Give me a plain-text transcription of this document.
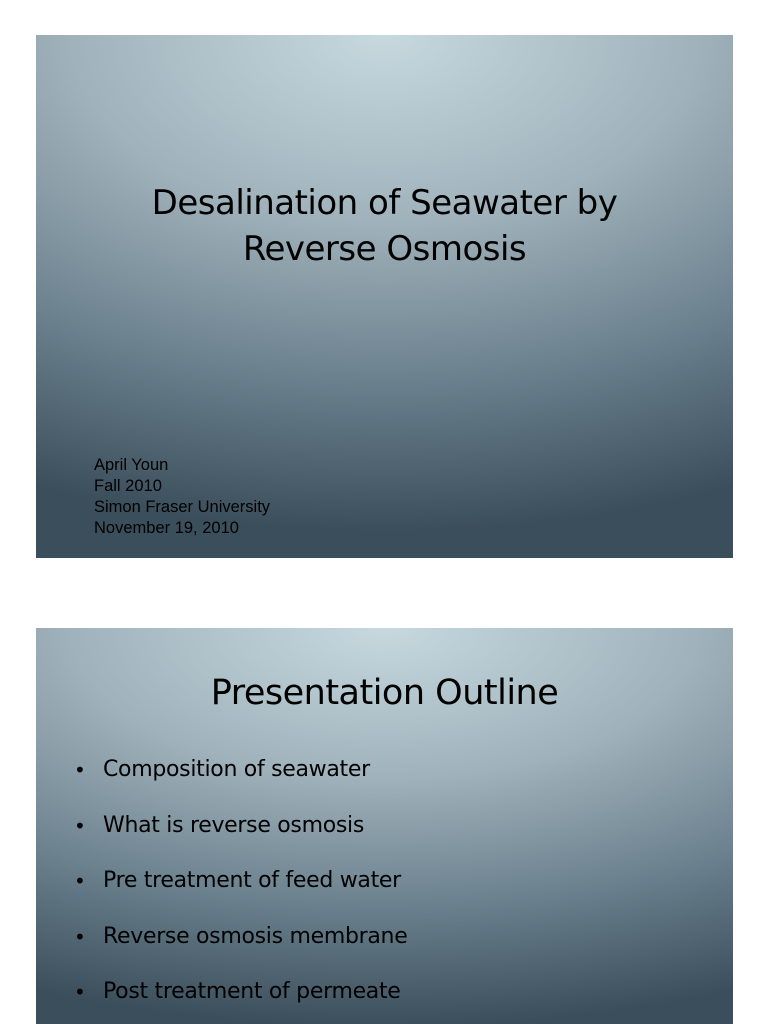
Desalination of Seawater by
Reverse Osmosis
April Youn
Fall 2010
Simon Fraser University
November 19, 2010
Presentation Outline
• Composition of seawater
• What is reverse osmosis
• Pre treatment of feed water
• Reverse osmosis membrane
• Post treatment of permeate
